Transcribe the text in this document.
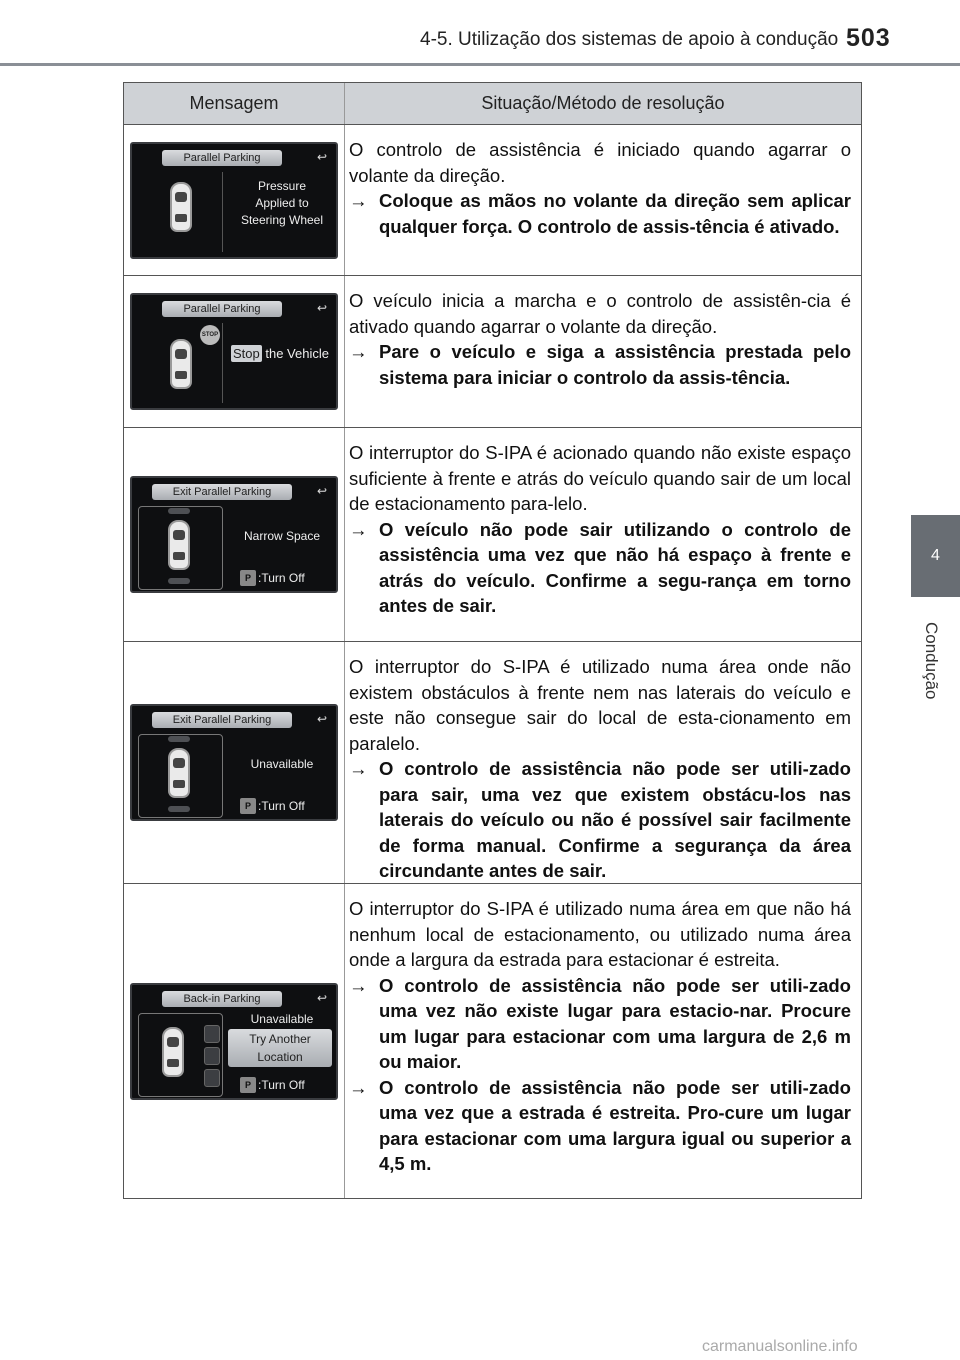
4-5. Utilização dos sistemas de apoio à condução 503
4
Condução
Mensagem	Situação/Método de resolução
Parallel Parking	↩
Pressure
Applied to
Steering Wheel

O controlo de assistência é iniciado quando agarrar o volante da direção.

→ Coloque as mãos no volante da direção sem aplicar qualquer força. O controlo de assis-tência é ativado.
Parallel Parking	↩
STOP
Stop the Vehicle

O veículo inicia a marcha e o controlo de assistên-cia é ativado quando agarrar o volante da direção.

→ Pare o veículo e siga a assistência prestada pelo sistema para iniciar o controlo da assis-tência.
Exit Parallel Parking	↩
Narrow Space
P :Turn Off

O interruptor do S-IPA é acionado quando não existe espaço suficiente à frente e atrás do veículo quando sair de um local de estacionamento para-lelo.

→ O veículo não pode sair utilizando o controlo de assistência uma vez que não há espaço à frente e atrás do veículo. Confirme a segu-rança em torno antes de sair.
Exit Parallel Parking	↩
Unavailable
P :Turn Off

O interruptor do S-IPA é utilizado numa área onde não existem obstáculos à frente nem nas laterais do veículo e este não consegue sair do local de esta-cionamento em paralelo.

→ O controlo de assistência não pode ser utili-zado para sair, uma vez que existem obstácu-los nas laterais do veículo ou não é possível sair facilmente de forma manual. Confirme a segurança da área circundante antes de sair.
Back-in Parking	↩
Unavailable
Try Another
Location
P :Turn Off

O interruptor do S-IPA é utilizado numa área em que não há nenhum local de estacionamento, ou utilizado numa área onde a largura da estrada para estacionar é estreita.

→ O controlo de assistência não pode ser utili-zado uma vez não existe lugar para estacio-nar. Procure um lugar para estacionar com uma largura de 2,6 m ou maior.
→ O controlo de assistência não pode ser utili-zado uma vez que a estrada é estreita. Pro-cure um lugar para estacionar com uma largura igual ou superior a 4,5 m.
carmanualsonline.info
